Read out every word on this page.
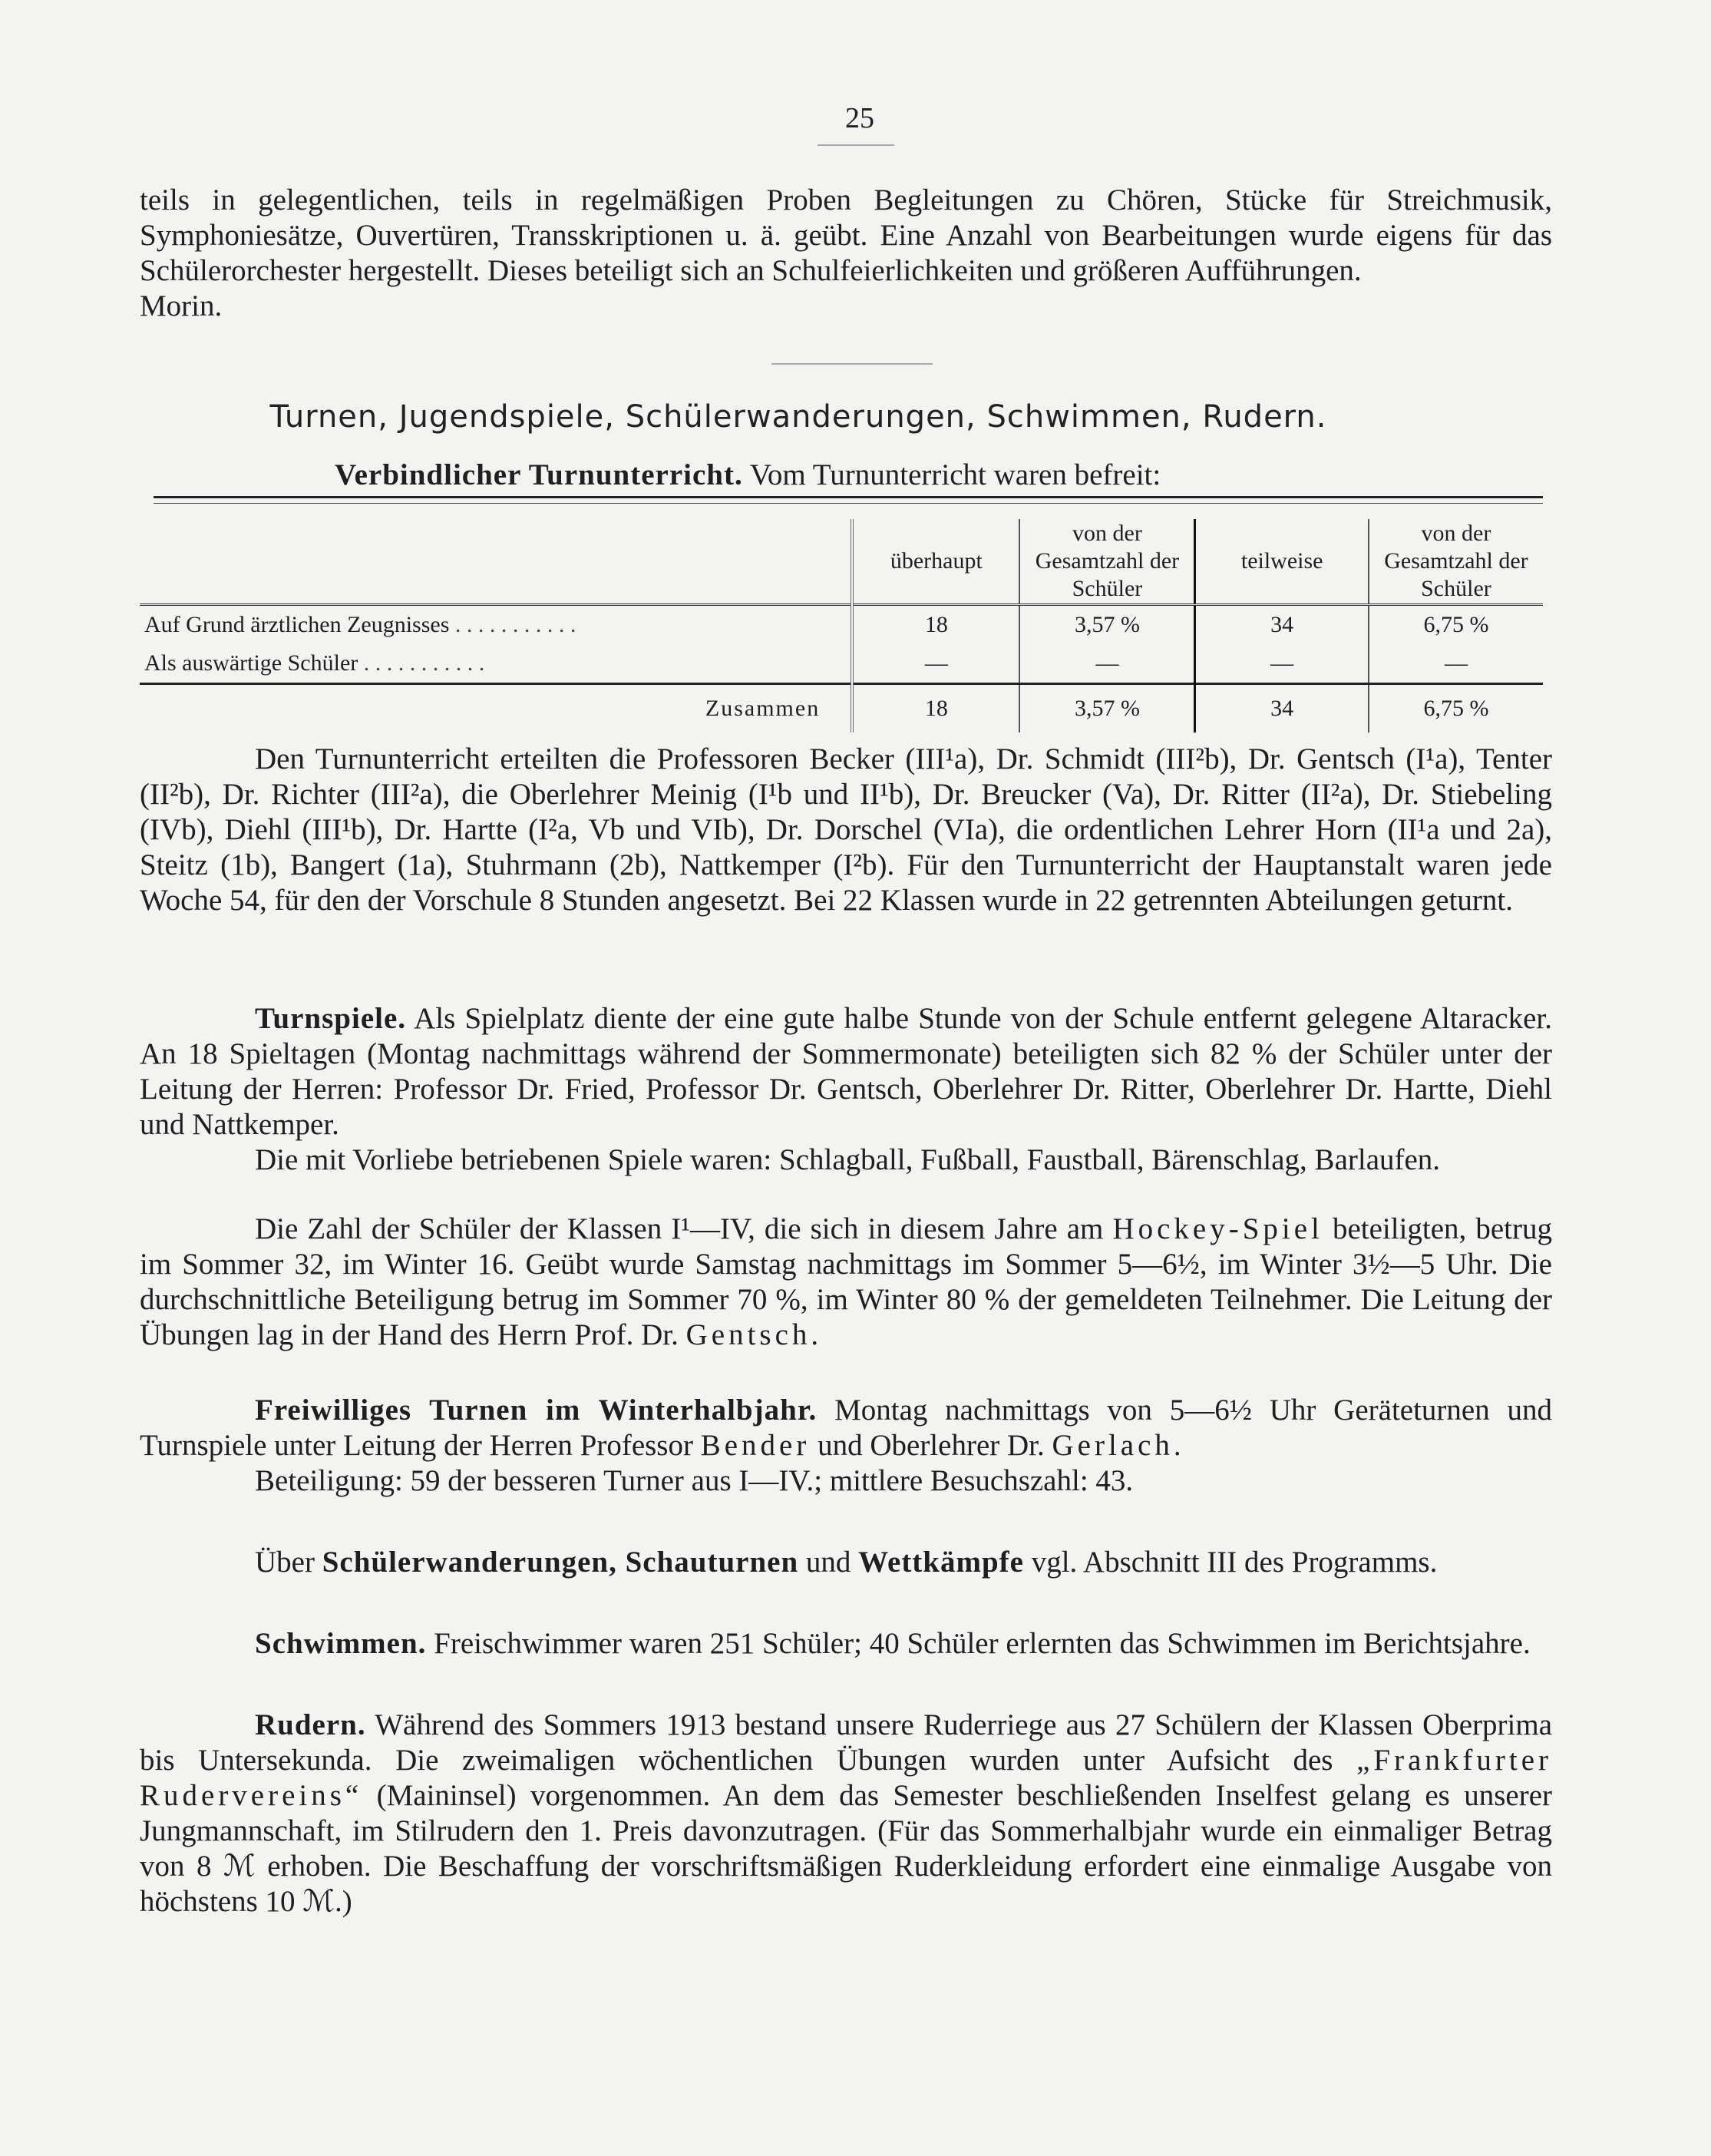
25
teils in gelegentlichen, teils in regelmäßigen Proben Begleitungen zu Chören, Stücke für Streichmusik, Symphoniesätze, Ouvertüren, Transskriptionen u. ä. geübt. Eine Anzahl von Bearbeitungen wurde eigens für das Schülerorchester hergestellt. Dieses beteiligt sich an Schulfeierlichkeiten und größeren Aufführungen.
Morin.
Turnen, Jugendspiele, Schülerwanderungen, Schwimmen, Rudern.
Verbindlicher Turnunterricht. Vom Turnunterricht waren befreit:
	überhaupt	von der Gesamtzahl der Schüler	teilweise	von der Gesamtzahl der Schüler
Auf Grund ärztlichen Zeugnisses . . .	18	3,57 %	34	6,75 %
Als auswärtige Schüler . . .	—	—	—	—
Zusammen	18	3,57 %	34	6,75 %
Den Turnunterricht erteilten die Professoren Becker (III¹a), Dr. Schmidt (III²b), Dr. Gentsch (I¹a), Tenter (II²b), Dr. Richter (III²a), die Oberlehrer Meinig (I¹b und II¹b), Dr. Breucker (Va), Dr. Ritter (II²a), Dr. Stiebeling (IVb), Diehl (III¹b), Dr. Hartte (I²a, Vb und VIb), Dr. Dorschel (VIa), die ordentlichen Lehrer Horn (II¹a und 2a), Steitz (1b), Bangert (1a), Stuhrmann (2b), Nattkemper (I²b). Für den Turnunterricht der Hauptanstalt waren jede Woche 54, für den der Vorschule 8 Stunden angesetzt. Bei 22 Klassen wurde in 22 getrennten Abteilungen geturnt.
Turnspiele. Als Spielplatz diente der eine gute halbe Stunde von der Schule entfernt gelegene Altaracker. An 18 Spieltagen (Montag nachmittags während der Sommermonate) beteiligten sich 82 % der Schüler unter der Leitung der Herren: Professor Dr. Fried, Professor Dr. Gentsch, Oberlehrer Dr. Ritter, Oberlehrer Dr. Hartte, Diehl und Nattkemper.
Die mit Vorliebe betriebenen Spiele waren: Schlagball, Fußball, Faustball, Bärenschlag, Barlaufen.
Die Zahl der Schüler der Klassen I¹—IV, die sich in diesem Jahre am Hockey-Spiel beteiligten, betrug im Sommer 32, im Winter 16. Geübt wurde Samstag nachmittags im Sommer 5—6½, im Winter 3½—5 Uhr. Die durchschnittliche Beteiligung betrug im Sommer 70 %, im Winter 80 % der gemeldeten Teilnehmer. Die Leitung der Übungen lag in der Hand des Herrn Prof. Dr. Gentsch.
Freiwilliges Turnen im Winterhalbjahr. Montag nachmittags von 5—6½ Uhr Geräteturnen und Turnspiele unter Leitung der Herren Professor Bender und Oberlehrer Dr. Gerlach.
Beteiligung: 59 der besseren Turner aus I—IV.; mittlere Besuchszahl: 43.
Über Schülerwanderungen, Schauturnen und Wettkämpfe vgl. Abschnitt III des Programms.
Schwimmen. Freischwimmer waren 251 Schüler; 40 Schüler erlernten das Schwimmen im Berichtsjahre.
Rudern. Während des Sommers 1913 bestand unsere Ruderriege aus 27 Schülern der Klassen Oberprima bis Untersekunda. Die zweimaligen wöchentlichen Übungen wurden unter Aufsicht des „Frankfurter Rudervereins“ (Maininsel) vorgenommen. An dem das Semester beschließenden Inselfest gelang es unserer Jungmannschaft, im Stilrudern den 1. Preis davonzutragen. (Für das Sommerhalbjahr wurde ein einmaliger Betrag von 8 ℳ erhoben. Die Beschaffung der vorschriftsmäßigen Ruderkleidung erfordert eine einmalige Ausgabe von höchstens 10 ℳ.)
